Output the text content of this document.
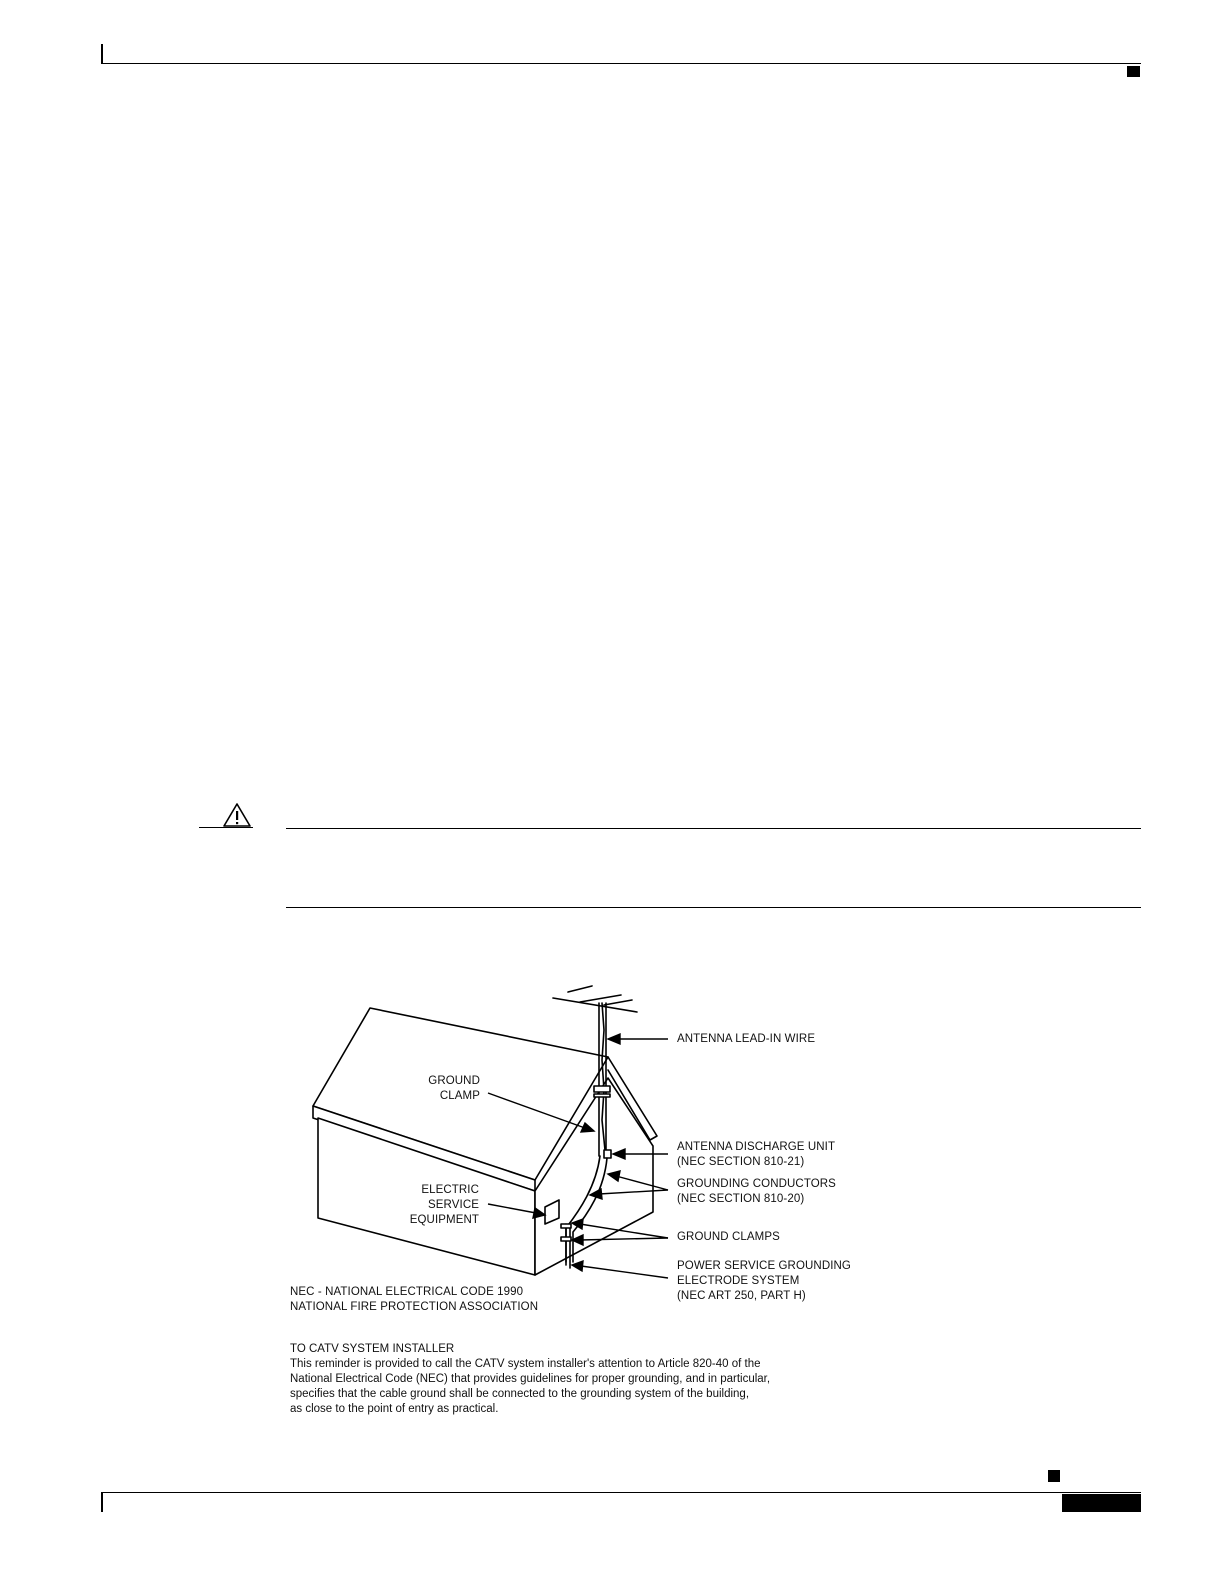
ANTENNA LEAD-IN WIRE
GROUND
CLAMP
ANTENNA DISCHARGE UNIT
(NEC SECTION 810-21)
GROUNDING CONDUCTORS
(NEC SECTION 810-20)
ELECTRIC
SERVICE
EQUIPMENT
GROUND CLAMPS
POWER SERVICE GROUNDING
ELECTRODE SYSTEM
(NEC ART 250, PART H)
NEC - NATIONAL ELECTRICAL CODE 1990
NATIONAL FIRE PROTECTION ASSOCIATION
TO CATV SYSTEM INSTALLER
This reminder is provided to call the CATV system installer's attention to Article 820-40 of the
National Electrical Code (NEC) that provides guidelines for proper grounding, and in particular,
specifies that the cable ground shall be connected to the grounding system of the building,
as close to the point of entry as practical.
